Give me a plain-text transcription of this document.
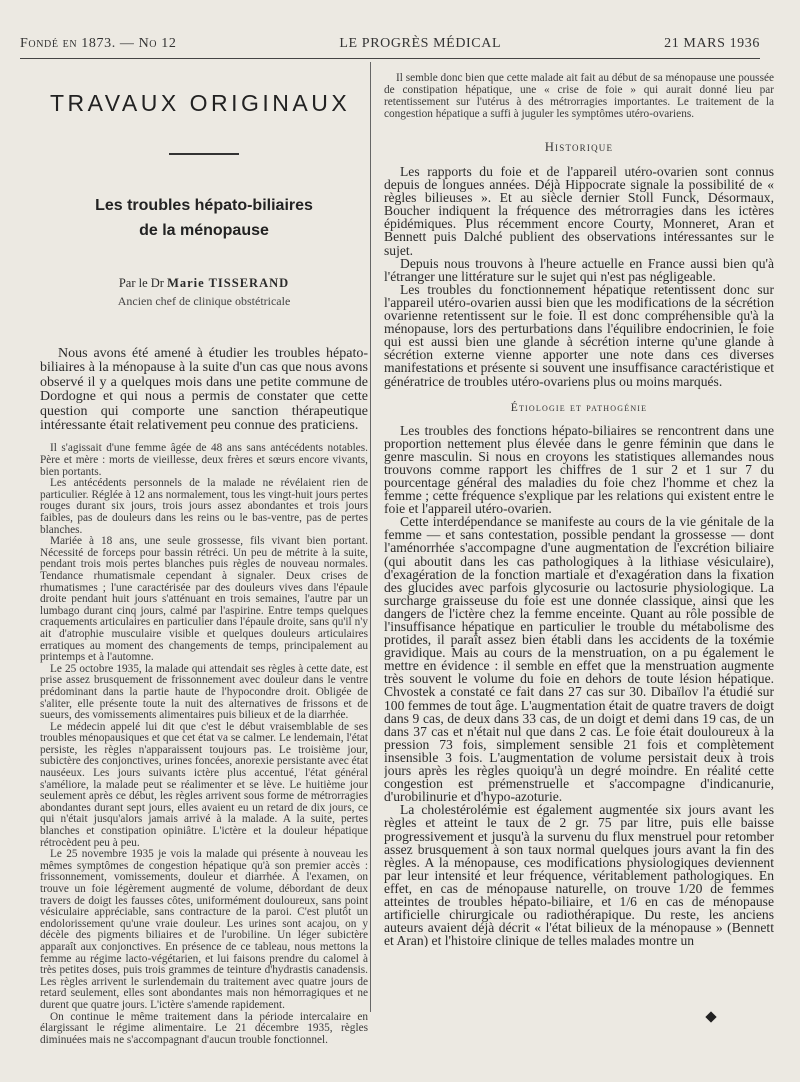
Fondé en 1873. — No 12	LE PROGRÈS MÉDICAL	21 MARS 1936
TRAVAUX ORIGINAUX
Les troubles hépato-biliaires
de la ménopause
Par le Dr Marie TISSERAND
Ancien chef de clinique obstétricale

Nous avons été amené à étudier les troubles hépato-biliaires à la ménopause à la suite d'un cas que nous avons observé il y a quelques mois dans une petite commune de Dordogne et qui nous a permis de constater que cette question qui comporte une sanction thérapeutique intéressante était relativement peu connue des praticiens.

Il s'agissait d'une femme âgée de 48 ans sans antécédents notables. Père et mère : morts de vieillesse, deux frères et sœurs encore vivants, bien portants.

Les antécédents personnels de la malade ne révélaient rien de particulier. Réglée à 12 ans normalement, tous les vingt-huit jours pertes rouges durant six jours, trois jours assez abondantes et trois jours faibles, pas de douleurs dans les reins ou le bas-ventre, pas de pertes blanches.

Mariée à 18 ans, une seule grossesse, fils vivant bien portant. Nécessité de forceps pour bassin rétréci. Un peu de métrite à la suite, pendant trois mois pertes blanches puis règles de nouveau normales. Tendance rhumatismale cependant à signaler. Deux crises de rhumatismes ; l'une caractérisée par des douleurs vives dans l'épaule droite pendant huit jours s'atténuant en trois semaines, l'autre par un lumbago durant cinq jours, calmé par l'aspirine. Entre temps quelques craquements articulaires en particulier dans l'épaule droite, sans qu'il n'y ait d'atrophie musculaire visible et quelques douleurs articulaires erratiques au moment des changements de temps, principalement au printemps et à l'automne.

Le 25 octobre 1935, la malade qui attendait ses règles à cette date, est prise assez brusquement de frissonnement avec douleur dans le ventre prédominant dans la partie haute de l'hypocondre droit. Obligée de s'aliter, elle présente toute la nuit des alternatives de frissons et de sueurs, des vomissements alimentaires puis bilieux et de la diarrhée.

Le médecin appelé lui dit que c'est le début vraisemblable de ses troubles ménopausiques et que cet état va se calmer. Le lendemain, l'état persiste, les règles n'apparaissent toujours pas. Le troisième jour, subictère des conjonctives, urines foncées, anorexie persistante avec état nauséeux. Les jours suivants ictère plus accentué, l'état général s'améliore, la malade peut se réalimenter et se lève. Le huitième jour seulement après ce début, les règles arrivent sous forme de métrorragies abondantes durant sept jours, elles avaient eu un retard de dix jours, ce qui n'était jusqu'alors jamais arrivé à la malade. A la suite, pertes blanches et constipation opiniâtre. L'ictère et la douleur hépatique rétrocèdent peu à peu.

Le 25 novembre 1935 je vois la malade qui présente à nouveau les mêmes symptômes de congestion hépatique qu'à son premier accès : frissonnement, vomissements, douleur et diarrhée. A l'examen, on trouve un foie légèrement augmenté de volume, débordant de deux travers de doigt les fausses côtes, uniformément douloureux, sans point vésiculaire appréciable, sans contracture de la paroi. C'est plutôt un endolorissement qu'une vraie douleur. Les urines sont acajou, on y décèle des pigments biliaires et de l'urobiline. Un léger subictère apparaît aux conjonctives. En présence de ce tableau, nous mettons la femme au régime lacto-végétarien, et lui faisons prendre du calomel à très petites doses, puis trois grammes de teinture d'hydrastis canadensis. Les règles arrivent le surlendemain du traitement avec quatre jours de retard seulement, elles sont abondantes mais non hémorragiques et ne durent que quatre jours. L'ictère s'amende rapidement.

On continue le même traitement dans la période intercalaire en élargissant le régime alimentaire. Le 21 décembre 1935, règles diminuées mais ne s'accompagnant d'aucun trouble fonctionnel.

Il semble donc bien que cette malade ait fait au début de sa ménopause une poussée de constipation hépatique, une « crise de foie » qui aurait donné lieu par retentissement sur l'utérus à des métrorragies importantes. Le traitement de la congestion hépatique a suffi à juguler les symptômes utéro-ovariens.

Historique

Les rapports du foie et de l'appareil utéro-ovarien sont connus depuis de longues années. Déjà Hippocrate signale la possibilité de « règles bilieuses ». Et au siècle dernier Stoll Funck, Désormaux, Boucher indiquent la fréquence des métrorragies dans les ictères épidémiques. Plus récemment encore Courty, Monneret, Aran et Bennett puis Dalché publient des observations intéressantes sur le sujet.

Depuis nous trouvons à l'heure actuelle en France aussi bien qu'à l'étranger une littérature sur le sujet qui n'est pas négligeable.

Les troubles du fonctionnement hépatique retentissent donc sur l'appareil utéro-ovarien aussi bien que les modifications de la sécrétion ovarienne retentissent sur le foie. Il est donc compréhensible qu'à la ménopause, lors des perturbations dans l'équilibre endocrinien, le foie qui est aussi bien une glande à sécrétion interne qu'une glande à sécrétion externe vienne apporter une note dans ces diverses manifestations et présente si souvent une insuffisance caractéristique et génératrice de troubles utéro-ovariens plus ou moins marqués.

Étiologie et pathogénie

Les troubles des fonctions hépato-biliaires se rencontrent dans une proportion nettement plus élevée dans le genre féminin que dans le genre masculin. Si nous en croyons les statistiques allemandes nous trouvons comme rapport les chiffres de 1 sur 2 et 1 sur 7 du pourcentage général des maladies du foie chez l'homme et chez la femme ; cette fréquence s'explique par les relations qui existent entre le foie et l'appareil utéro-ovarien.

Cette interdépendance se manifeste au cours de la vie génitale de la femme — et sans contestation, possible pendant la grossesse — dont l'aménorrhée s'accompagne d'une augmentation de l'excrétion biliaire (qui aboutit dans les cas pathologiques à la lithiase vésiculaire), d'exagération de la fonction martiale et d'exagération dans la fixation des glucides avec parfois glycosurie ou lactosurie physiologique. La surcharge graisseuse du foie est une donnée classique, ainsi que les dangers de l'ictère chez la femme enceinte. Quant au rôle possible de l'insuffisance hépatique en particulier le trouble du métabolisme des protides, il paraît assez bien établi dans les accidents de la toxémie gravidique. Mais au cours de la menstruation, on a pu également le mettre en évidence : il semble en effet que la menstruation augmente très souvent le volume du foie en dehors de toute lésion hépatique. Chvostek a constaté ce fait dans 27 cas sur 30. Dibaïlov l'a étudié sur 100 femmes de tout âge. L'augmentation était de quatre travers de doigt dans 9 cas, de deux dans 33 cas, de un doigt et demi dans 19 cas, de un dans 37 cas et n'était nul que dans 2 cas. Le foie était douloureux à la pression 73 fois, simplement sensible 21 fois et complètement insensible 3 fois. L'augmentation de volume persistait deux à trois jours après les règles quoiqu'à un degré moindre. En réalité cette congestion est prémenstruelle et s'accompagne d'indicanurie, d'urobilinurie et d'hypo-azoturie.

La cholestérolémie est également augmentée six jours avant les règles et atteint le taux de 2 gr. 75 par litre, puis elle baisse progressivement et jusqu'à la survenu du flux menstruel pour retomber assez brusquement à son taux normal quelques jours avant la fin des règles. A la ménopause, ces modifications physiologiques deviennent par leur intensité et leur fréquence, véritablement pathologiques. En effet, en cas de ménopause naturelle, on trouve 1/20 de femmes atteintes de troubles hépato-biliaire, et 1/6 en cas de ménopause artificielle chirurgicale ou radiothérapique. Du reste, les anciens auteurs avaient déjà décrit « l'état bilieux de la ménopause » (Bennett et Aran) et l'histoire clinique de telles malades montre un
